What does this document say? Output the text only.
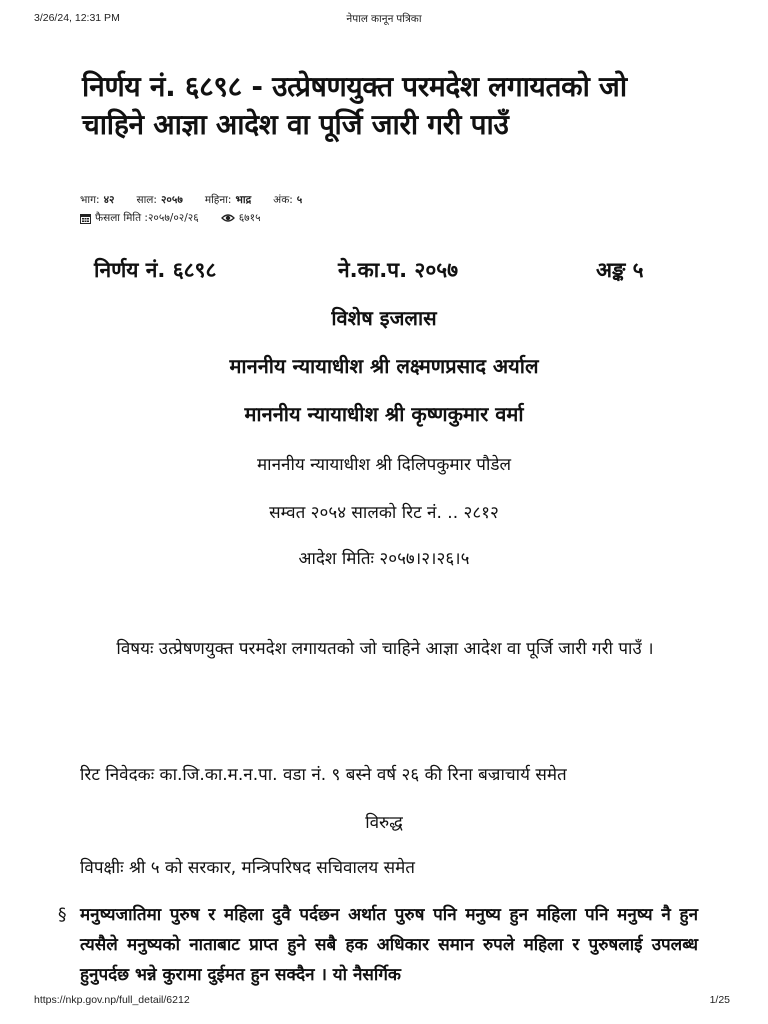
3/26/24, 12:31 PM	नेपाल कानून पत्रिका
निर्णय नं. ६८९८ - उत्प्रेषणयुक्त परमदेश लगायतको जो चाहिने आज्ञा आदेश वा पूर्जि जारी गरी पाउँ
भाग: ४२ साल: २०५७ महिना: भाद्र अंक: ५
फैसला मिति :२०५७/०२/२६	६७१५
निर्णय नं. ६८९८	ने.का.प. २०५७	अङ्क ५
विशेष इजलास
माननीय न्यायाधीश श्री लक्ष्मणप्रसाद अर्याल
माननीय न्यायाधीश श्री कृष्णकुमार वर्मा
माननीय न्यायाधीश श्री दिलिपकुमार पौडेल
सम्वत २०५४ सालको रिट नं. .. २८१२
आदेश मितिः २०५७।२।२६।५
विषयः उत्प्रेषणयुक्त परमदेश लगायतको जो चाहिने आज्ञा आदेश वा पूर्जि जारी गरी पाउँ ।
रिट निवेदकः का.जि.का.म.न.पा. वडा नं. ९ बस्ने वर्ष २६ की रिना बज्राचार्य समेत
विरुद्ध
विपक्षीः श्री ५ को सरकार, मन्त्रिपरिषद सचिवालय समेत
§ मनुष्यजातिमा पुरुष र महिला दुवै पर्दछन अर्थात पुरुष पनि मनुष्य हुन महिला पनि मनुष्य नै हुन त्यसैले मनुष्यको नाताबाट प्राप्त हुने सबै हक अधिकार समान रुपले महिला र पुरुषलाई उपलब्ध हुनुपर्दछ भन्ने कुरामा दुईमत हुन सक्दैन । यो नैसर्गिक
https://nkp.gov.np/full_detail/6212	1/25
